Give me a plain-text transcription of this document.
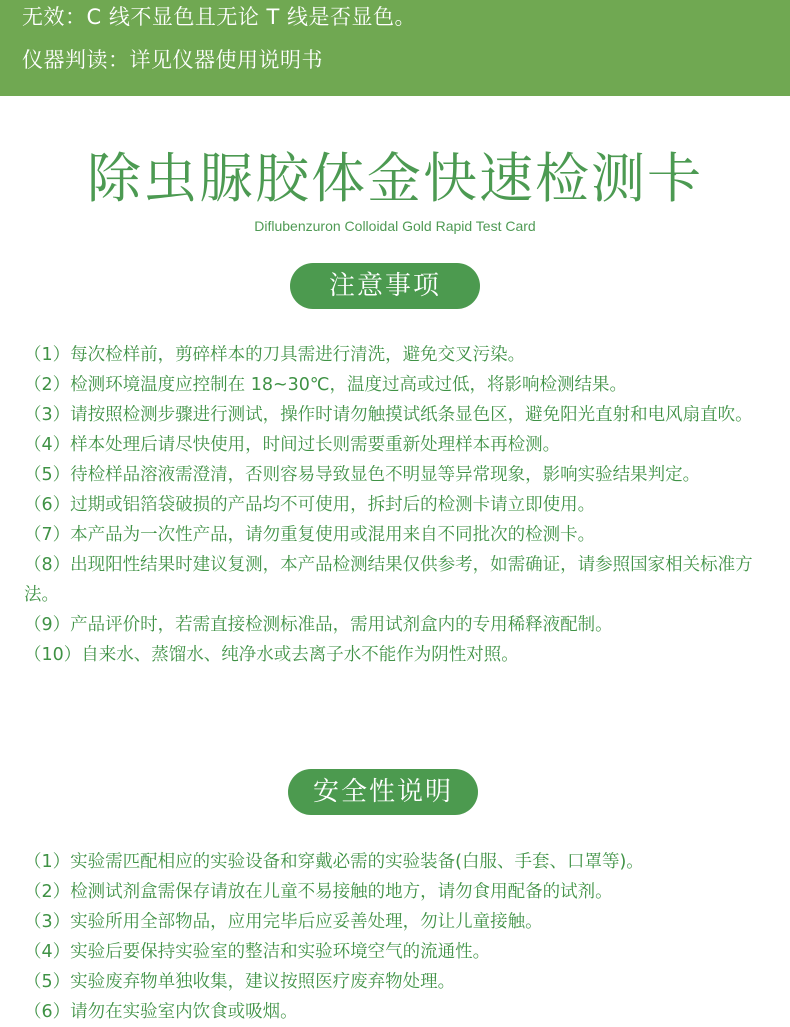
无效：C 线不显色且无论 T 线是否显色。
仪器判读：详见仪器使用说明书
除虫脲胶体金快速检测卡
Diflubenzuron Colloidal Gold Rapid Test Card
注意事项
（1）每次检样前，剪碎样本的刀具需进行清洗，避免交叉污染。
（2）检测环境温度应控制在 18~30℃，温度过高或过低，将影响检测结果。
（3）请按照检测步骤进行测试，操作时请勿触摸试纸条显色区，避免阳光直射和电风扇直吹。
（4）样本处理后请尽快使用，时间过长则需要重新处理样本再检测。
（5）待检样品溶液需澄清，否则容易导致显色不明显等异常现象，影响实验结果判定。
（6）过期或铝箔袋破损的产品均不可使用，拆封后的检测卡请立即使用。
（7）本产品为一次性产品，请勿重复使用或混用来自不同批次的检测卡。
（8）出现阳性结果时建议复测，本产品检测结果仅供参考，如需确证，请参照国家相关标准方法。
（9）产品评价时，若需直接检测标准品，需用试剂盒内的专用稀释液配制。
（10）自来水、蒸馏水、纯净水或去离子水不能作为阴性对照。
安全性说明
（1）实验需匹配相应的实验设备和穿戴必需的实验装备(白服、手套、口罩等)。
（2）检测试剂盒需保存请放在儿童不易接触的地方，请勿食用配备的试剂。
（3）实验所用全部物品，应用完毕后应妥善处理，勿让儿童接触。
（4）实验后要保持实验室的整洁和实验环境空气的流通性。
（5）实验废弃物单独收集，建议按照医疗废弃物处理。
（6）请勿在实验室内饮食或吸烟。
